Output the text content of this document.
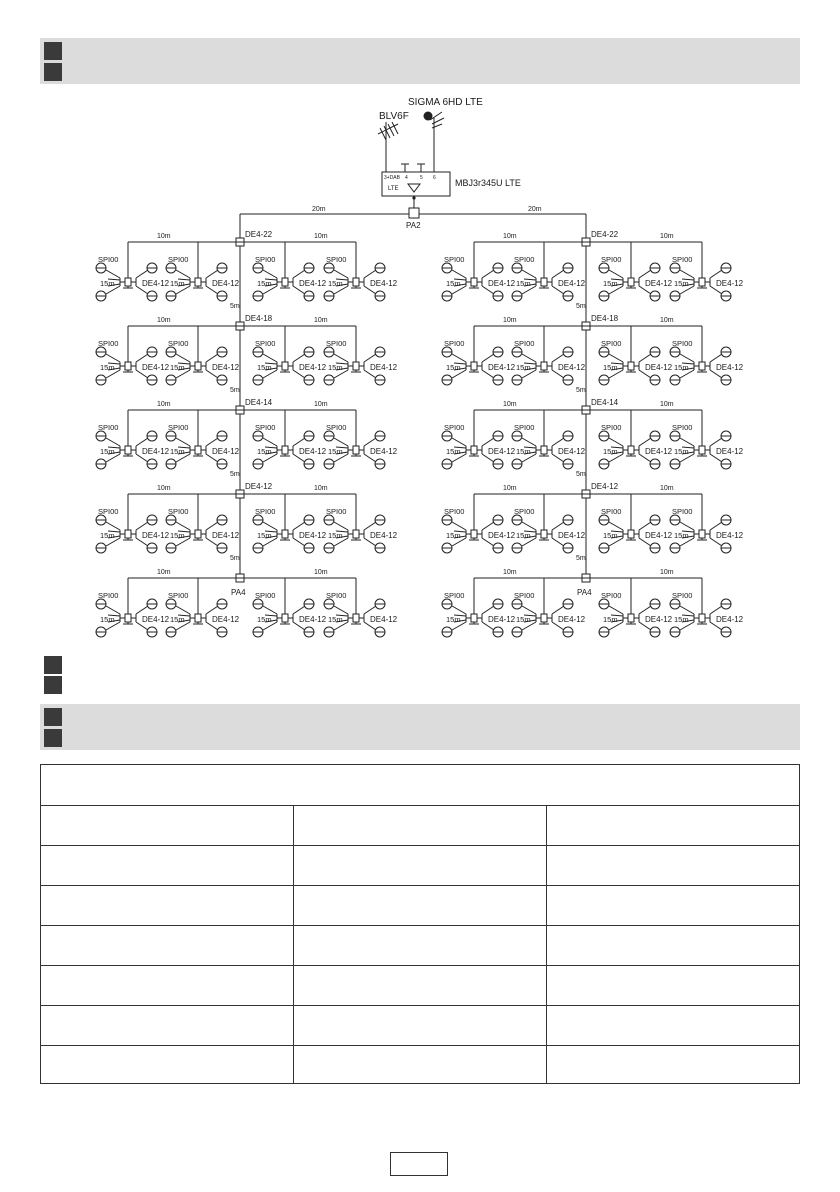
BLV6F
SIGMA 6HD LTE
3+DAB 4 5 6
LTE
MBJ3r345U LTE
PA2
20m	20m
DE4-22
10m	10m
15m	DE4-12
SPI00
15m	DE4-12
SPI00
15m	DE4-12
SPI00
15m	DE4-12
SPI00
DE4-22
10m	10m
15m	DE4-12
SPI00
15m	DE4-12
SPI00
15m	DE4-12
SPI00
15m	DE4-12
SPI00
DE4-18
5m
10m	10m
15m	DE4-12
SPI00
15m	DE4-12
SPI00
15m	DE4-12
SPI00
15m	DE4-12
SPI00
DE4-18
5m
10m	10m
15m	DE4-12
SPI00
15m	DE4-12
SPI00
15m	DE4-12
SPI00
15m	DE4-12
SPI00
DE4-14
5m
10m	10m
15m	DE4-12
SPI00
15m	DE4-12
SPI00
15m	DE4-12
SPI00
15m	DE4-12
SPI00
DE4-14
5m
10m	10m
15m	DE4-12
SPI00
15m	DE4-12
SPI00
15m	DE4-12
SPI00
15m	DE4-12
SPI00
DE4-12
5m
10m	10m
15m	DE4-12
SPI00
15m	DE4-12
SPI00
15m	DE4-12
SPI00
15m	DE4-12
SPI00
DE4-12
5m
10m	10m
15m	DE4-12
SPI00
15m	DE4-12
SPI00
15m	DE4-12
SPI00
15m	DE4-12
SPI00
PA4
5m
10m	10m
15m	DE4-12
SPI00
15m	DE4-12
SPI00
15m	DE4-12
SPI00
15m	DE4-12
SPI00	PA4
5m
10m	10m
15m	DE4-12
SPI00
15m	DE4-12
SPI00
15m	DE4-12
SPI00
15m	DE4-12
SPI00
